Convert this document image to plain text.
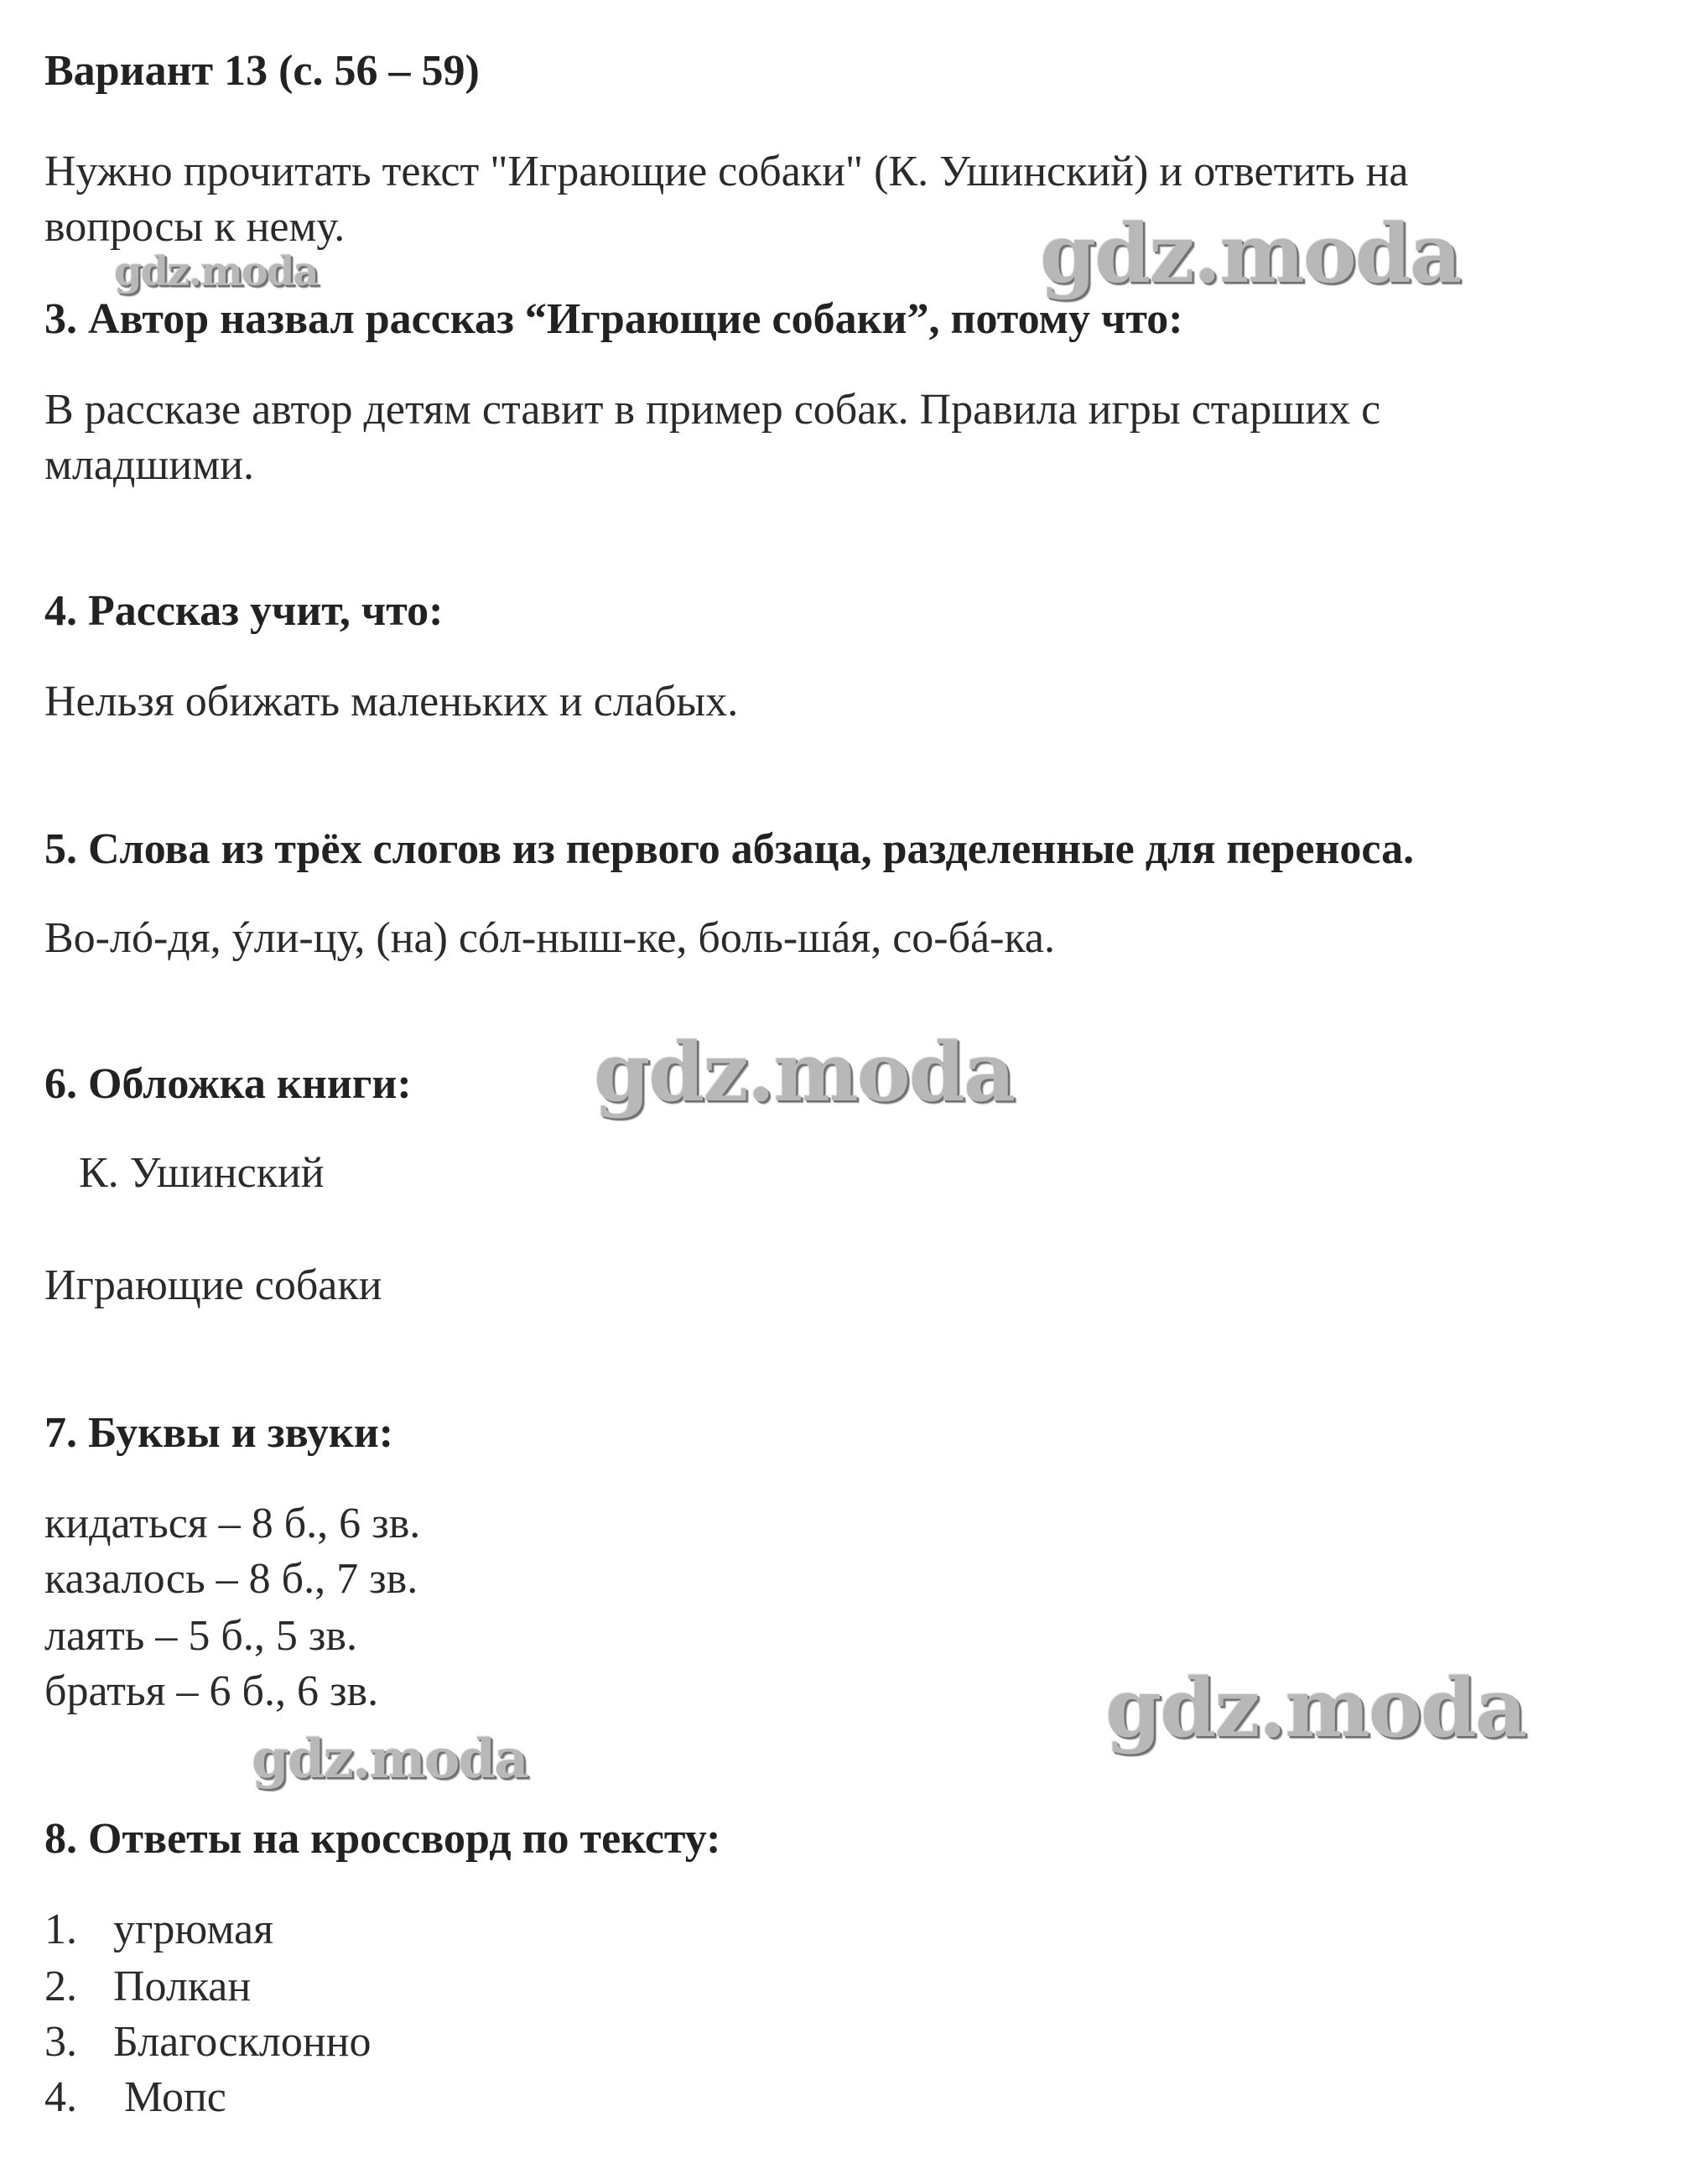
Вариант 13 (с. 56 – 59)

Нужно прочитать текст "Играющие собаки" (К. Ушинский) и ответить на

вопросы к нему.

3. Автор назвал рассказ “Играющие собаки”, потому что:

В рассказе автор детям ставит в пример собак. Правила игры старших с

младшими.

4. Рассказ учит, что:

Нельзя обижать маленьких и слабых.

5. Слова из трёх слогов из первого абзаца, разделенные для переноса.

Во-лó-дя, ýли-цу, (на) сóл-ныш-ке, боль-шáя, со-бá-ка.

6. Обложка книги:

К. Ушинский

Играющие собаки

7. Буквы и звуки:

кидаться – 8 б., 6 зв.

казалось – 8 б., 7 зв.

лаять – 5 б., 5 зв.

братья – 6 б., 6 зв.

8. Ответы на кроссворд по тексту:

1. угрюмая

2. Полкан

3. Благосклонно

4. Мопс

gdz.moda	gdz.moda
gdz.moda
gdz.moda
gdz.moda
